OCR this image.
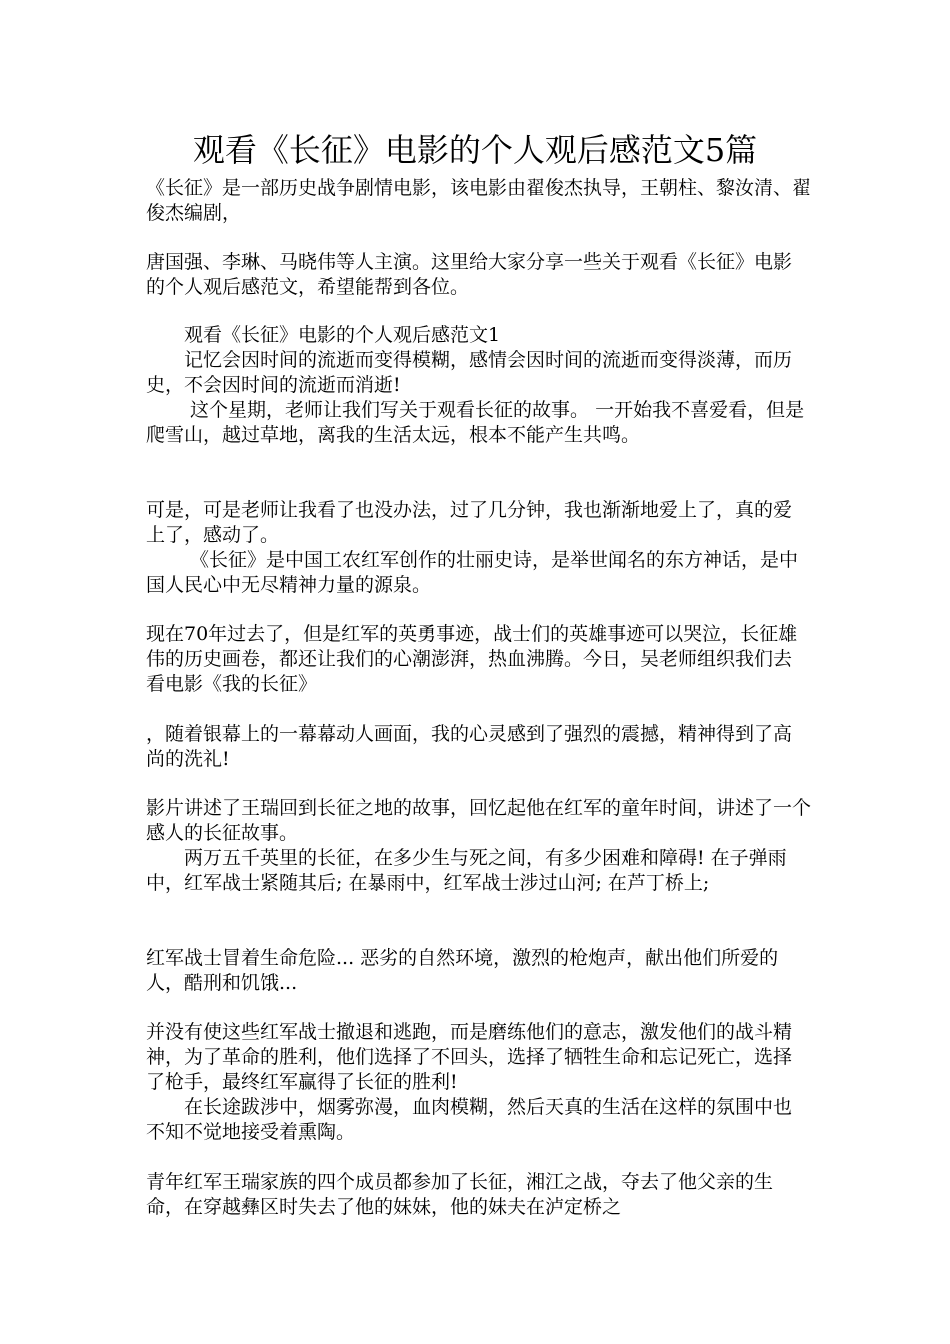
观看《长征》电影的个人观后感范文5篇
《长征》是一部历史战争剧情电影，该电影由翟俊杰执导，王朝柱、黎汝清、翟俊杰编剧，
唐国强、李琳、马晓伟等人主演。这里给大家分享一些关于观看《长征》电影的个人观后感范文，希望能帮到各位。
　　观看《长征》电影的个人观后感范文1
　　记忆会因时间的流逝而变得模糊，感情会因时间的流逝而变得淡薄，而历史，不会因时间的流逝而消逝!
　　 这个星期，老师让我们写关于观看长征的故事。 一开始我不喜爱看，但是爬雪山，越过草地，离我的生活太远，根本不能产生共鸣。
可是，可是老师让我看了也没办法，过了几分钟，我也渐渐地爱上了，真的爱上了，感动了。
　　 《长征》是中国工农红军创作的壮丽史诗，是举世闻名的东方神话，是中国人民心中无尽精神力量的源泉。
现在70年过去了，但是红军的英勇事迹，战士们的英雄事迹可以哭泣，长征雄伟的历史画卷，都还让我们的心潮澎湃，热血沸腾。今日，吴老师组织我们去看电影《我的长征》
，随着银幕上的一幕幕动人画面，我的心灵感到了强烈的震撼，精神得到了高尚的洗礼!
影片讲述了王瑞回到长征之地的故事，回忆起他在红军的童年时间，讲述了一个感人的长征故事。
　　两万五千英里的长征，在多少生与死之间，有多少困难和障碍! 在子弹雨中，红军战士紧随其后; 在暴雨中，红军战士涉过山河; 在芦丁桥上;
红军战士冒着生命危险... 恶劣的自然环境，激烈的枪炮声，献出他们所爱的人，酷刑和饥饿...
并没有使这些红军战士撤退和逃跑，而是磨练他们的意志，激发他们的战斗精神，为了革命的胜利，他们选择了不回头，选择了牺牲生命和忘记死亡，选择了枪手，最终红军赢得了长征的胜利!
　　在长途跋涉中，烟雾弥漫，血肉模糊，然后天真的生活在这样的氛围中也不知不觉地接受着熏陶。
青年红军王瑞家族的四个成员都参加了长征，湘江之战，夺去了他父亲的生命，在穿越彝区时失去了他的妹妹，他的妹夫在泸定桥之
